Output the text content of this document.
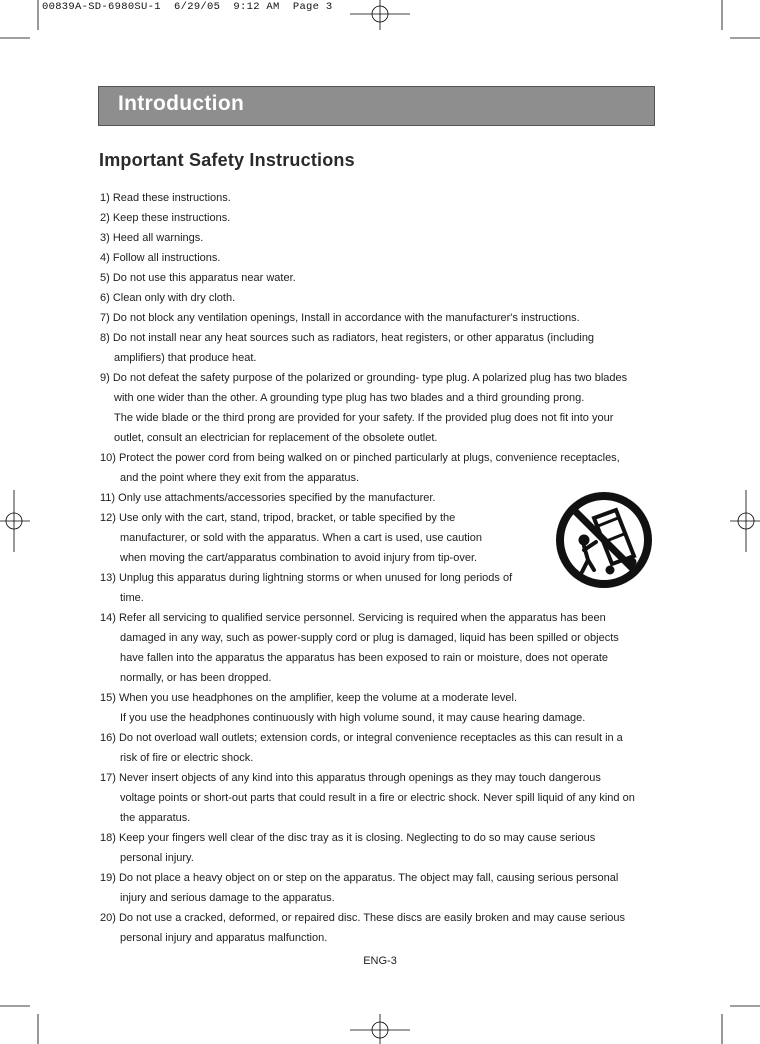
00839A-SD-6980SU-1  6/29/05  9:12 AM  Page 3
Introduction
Important Safety Instructions
1) Read these instructions.
2) Keep these instructions.
3) Heed all warnings.
4) Follow all instructions.
5) Do not use this apparatus near water.
6) Clean only with dry cloth.
7) Do not block any ventilation openings, Install in accordance with the manufacturer's instructions.
8) Do not install near any heat sources such as radiators, heat registers, or other apparatus (including
amplifiers) that produce heat.
9) Do not defeat the safety purpose of the polarized or grounding- type plug. A polarized plug has two blades
with one wider than the other. A grounding type plug has two blades and a third grounding prong.
The wide blade or the third prong are provided for your safety. If the provided plug does not fit into your
outlet, consult an electrician for replacement of the obsolete outlet.
10) Protect the power cord from being walked on or pinched particularly at plugs, convenience receptacles,
and the point where they exit from the apparatus.
11) Only use attachments/accessories specified by the manufacturer.
12) Use only with the cart, stand, tripod, bracket, or table specified by the
manufacturer, or sold with the apparatus. When a cart is used, use caution
when moving the cart/apparatus combination to avoid injury from tip-over.
13) Unplug this apparatus during lightning storms or when unused for long periods of
time.
14) Refer all servicing to qualified service personnel. Servicing is required when the apparatus has been
damaged in any way, such as power-supply cord or plug is damaged, liquid has been spilled or objects
have fallen into the apparatus the apparatus has been exposed to rain or moisture, does not operate
normally, or has been dropped.
15) When you use headphones on the amplifier, keep the volume at a moderate level.
If you use the headphones continuously with high volume sound, it may cause hearing damage.
16) Do not overload wall outlets; extension cords, or integral convenience receptacles as this can result in a
risk of fire or electric shock.
17) Never insert objects of any kind into this apparatus through openings as they may touch dangerous
voltage points or short-out parts that could result in a fire or electric shock. Never spill liquid of any kind on
the apparatus.
18) Keep your fingers well clear of the disc tray as it is closing. Neglecting to do so may cause serious
personal injury.
19) Do not place a heavy object on or step on the apparatus. The object may fall, causing serious personal
injury and serious damage to the apparatus.
20) Do not use a cracked, deformed, or repaired disc. These discs are easily broken and may cause serious
personal injury and apparatus malfunction.
ENG-3
